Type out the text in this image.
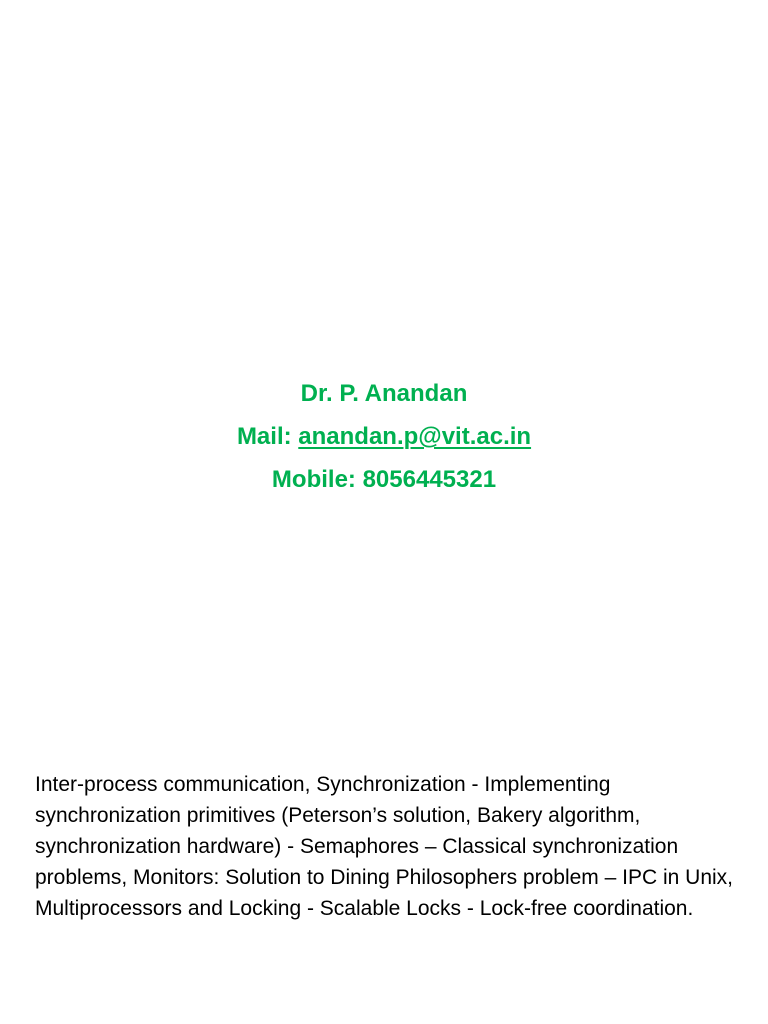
Dr. P. Anandan
Mail: anandan.p@vit.ac.in
Mobile: 8056445321

Inter-process communication, Synchronization - Implementing synchronization primitives (Peterson’s solution, Bakery algorithm, synchronization hardware) - Semaphores – Classical synchronization problems, Monitors: Solution to Dining Philosophers problem – IPC in Unix, Multiprocessors and Locking - Scalable Locks - Lock-free coordination.
